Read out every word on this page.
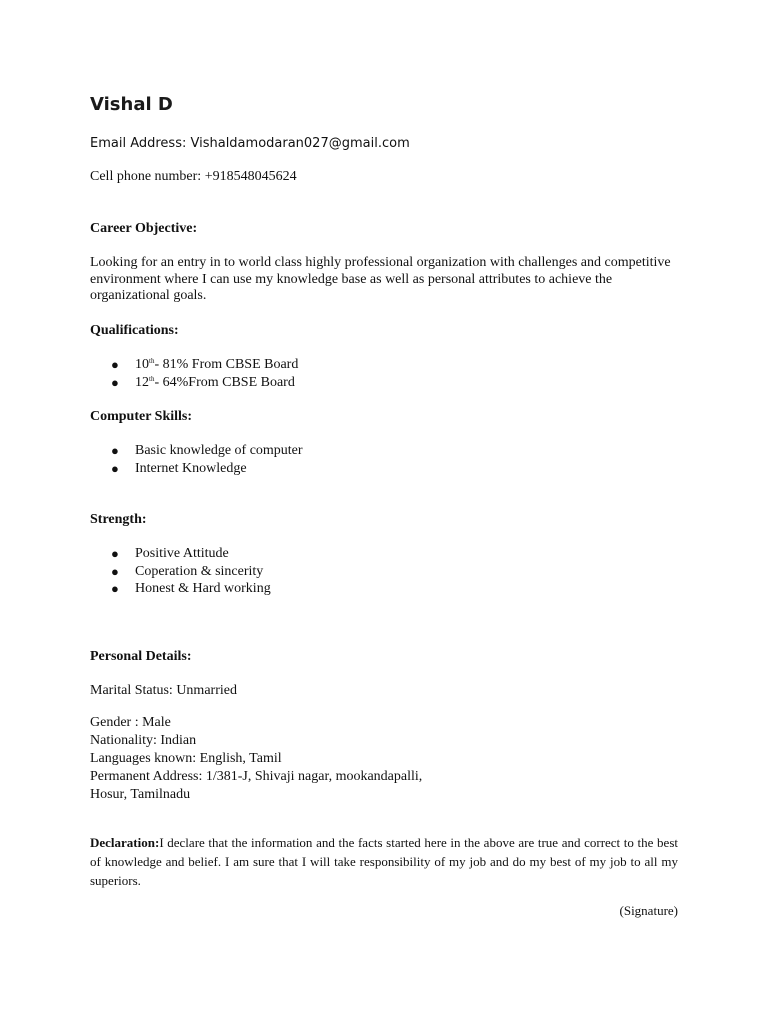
Vishal D
Email Address: Vishaldamodaran027@gmail.com
Cell phone number: +918548045624
Career Objective:
Looking for an entry in to world class highly professional organization with challenges and competitive environment where I can use my knowledge base as well as personal attributes to achieve the organizational goals.
Qualifications:
● 10th- 81% From CBSE Board
● 12th- 64%From CBSE Board
Computer Skills:
● Basic knowledge of computer
● Internet Knowledge
Strength:
● Positive Attitude
● Coperation & sincerity
● Honest & Hard working
Personal Details:
Marital Status: Unmarried
Gender : Male
Nationality: Indian
Languages known: English, Tamil
Permanent Address: 1/381-J, Shivaji nagar, mookandapalli,
Hosur, Tamilnadu
Declaration:I declare that the information and the facts started here in the above are true and correct to the best of knowledge and belief. I am sure that I will take responsibility of my job and do my best of my job to all my superiors.
(Signature)
